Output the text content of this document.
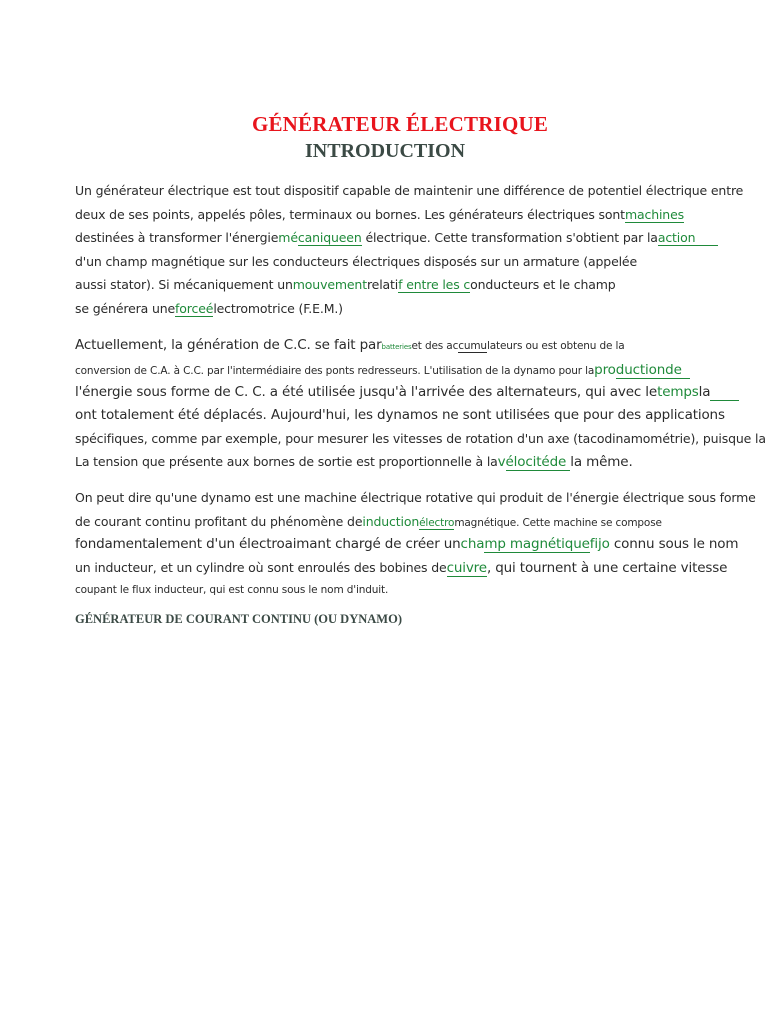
GÉNÉRATEUR ÉLECTRIQUE
INTRODUCTION
Un générateur électrique est tout dispositif capable de maintenir une différence de potentiel électrique entre
deux de ses points, appelés pôles, terminaux ou bornes. Les générateurs électriques sontmachines
destinées à transformer l'énergiemécaniqueen électrique. Cette transformation s'obtient par laaction
d'un champ magnétique sur les conducteurs électriques disposés sur un armature (appelée
aussi stator). Si mécaniquement unmouvementrelatif entre les conducteurs et le champ
se générera uneforceélectromotrice (F.E.M.)
Actuellement, la génération de C.C. se fait parbatterieset des accumulateurs ou est obtenu de la
conversion de C.A. à C.C. par l'intermédiaire des ponts redresseurs. L'utilisation de la dynamo pour laproductionde
l'énergie sous forme de C. C. a été utilisée jusqu'à l'arrivée des alternateurs, qui avec letempsla
ont totalement été déplacés. Aujourd'hui, les dynamos ne sont utilisées que pour des applications
spécifiques, comme par exemple, pour mesurer les vitesses de rotation d'un axe (tacodinamométrie), puisque la
La tension que présente aux bornes de sortie est proportionnelle à lavélocitéde la même.
On peut dire qu'une dynamo est une machine électrique rotative qui produit de l'énergie électrique sous forme
de courant continu profitant du phénomène deinductionélectromagnétique. Cette machine se compose
fondamentalement d'un électroaimant chargé de créer unchamp magnétiquefijo connu sous le nom
un inducteur, et un cylindre où sont enroulés des bobines decuivre, qui tournent à une certaine vitesse
coupant le flux inducteur, qui est connu sous le nom d'induit.
GÉNÉRATEUR DE COURANT CONTINU (OU DYNAMO)
